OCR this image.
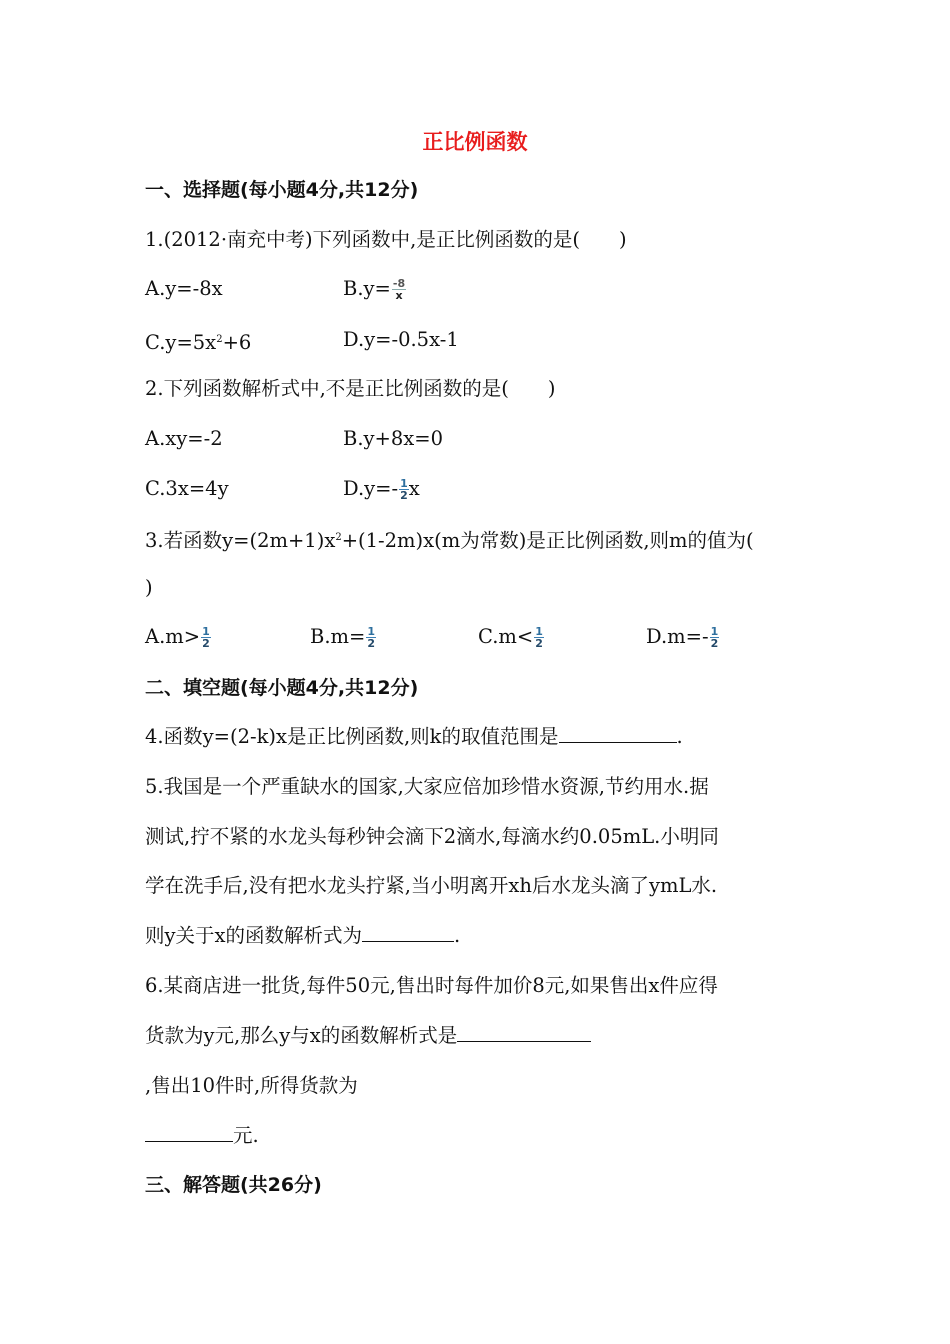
正比例函数
一、选择题(每小题4分,共12分)
1.(2012·南充中考)下列函数中,是正比例函数的是(　　)
A.y=-8x	$B.y= \frac{-8}{x}$
$C.y=5x^2+6$	D.y=-0.5x-1
2.下列函数解析式中,不是正比例函数的是(　　)
A.xy=-2	B.y+8x=0
C.3x=4y	$D.y=- \frac{1}{2}$ x
3.若函数$y=(2m+1)x^2+(1-2m)x(m$为常数)是正比例函数,则m的值为(
)
$A.m> \frac{1}{2}$	$B.m= \frac{1}{2}$	$C.m< \frac{1}{2}$	$D.m=- \frac{1}{2}$
二、填空题(每小题4分,共12分)
4.函数y=(2-k)x是正比例函数,则k的取值范围是	.
5.我国是一个严重缺水的国家,大家应倍加珍惜水资源,节约用水.据
测试,拧不紧的水龙头每秒钟会滴下2滴水,每滴水约0.05mL.小明同
学在洗手后,没有把水龙头拧紧,当小明离开xh后水龙头滴了ymL水.
则y关于x的函数解析式为	.
6.某商店进一批货,每件50元,售出时每件加价8元,如果售出x件应得
货款为y元,那么y与x的函数解析式是
,售出10件时,所得货款为
元.
三、解答题(共26分)
